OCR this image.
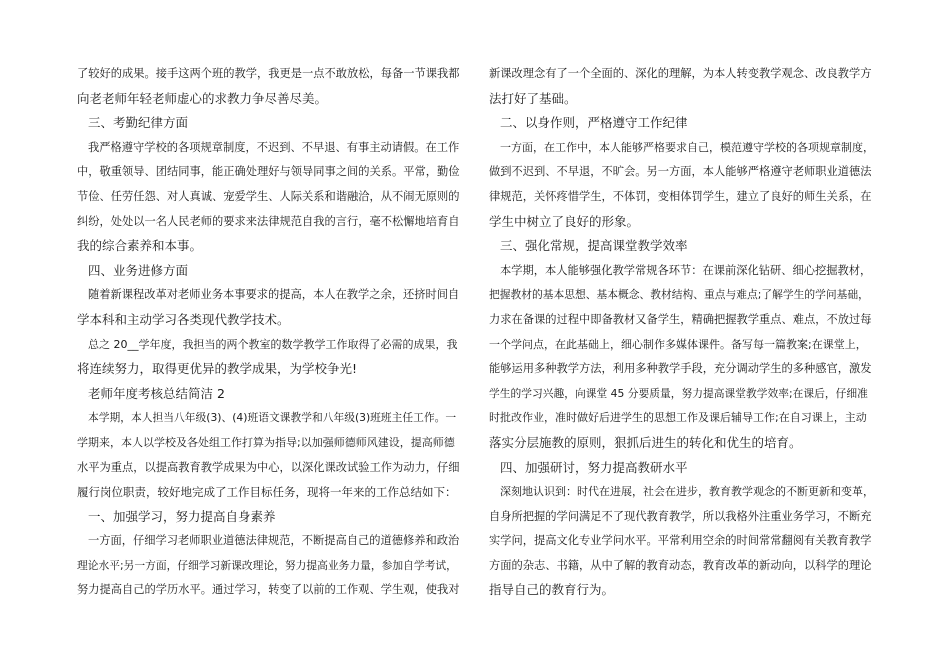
了较好的成果。接手这两个班的教学，我更是一点不敢放松，每备一节课我都
向老老师年轻老师虚心的求教力争尽善尽美。
三、考勤纪律方面
我严格遵守学校的各项规章制度，不迟到、不早退、有事主动请假。在工作
中，敬重领导、团结同事，能正确处理好与领导同事之间的关系。平常，勤俭
节俭、任劳任怨、对人真诚、宠爱学生、人际关系和谐融洽，从不闹无原则的
纠纷，处处以一名人民老师的要求来法律规范自我的言行，毫不松懈地培育自
我的综合素养和本事。
四、业务进修方面
随着新课程改革对老师业务本事要求的提高，本人在教学之余，还挤时间自
学本科和主动学习各类现代教学技术。
总之 20__学年度，我担当的两个教室的数学教学工作取得了必需的成果，我
将连续努力，取得更优异的教学成果，为学校争光!
老师年度考核总结简洁 2
本学期，本人担当八年级(3)、(4)班语文课教学和八年级(3)班班主任工作。一
学期来，本人以学校及各处组工作打算为指导;以加强师德师风建设，提高师德
水平为重点，以提高教育教学成果为中心，以深化课改试验工作为动力，仔细
履行岗位职责，较好地完成了工作目标任务，现将一年来的工作总结如下：
一、加强学习，努力提高自身素养
一方面，仔细学习老师职业道德法律规范，不断提高自己的道德修养和政治
理论水平;另一方面，仔细学习新课改理论，努力提高业务力量，参加自学考试，
努力提高自己的学历水平。通过学习，转变了以前的工作观、学生观，使我对
新课改理念有了一个全面的、深化的理解，为本人转变教学观念、改良教学方
法打好了基础。
二、以身作则，严格遵守工作纪律
一方面，在工作中，本人能够严格要求自己，模范遵守学校的各项规章制度，
做到不迟到、不早退，不旷会。另一方面，本人能够严格遵守老师职业道德法
律规范，关怀疼惜学生，不体罚，变相体罚学生，建立了良好的师生关系，在
学生中树立了良好的形象。
三、强化常规，提高课堂教学效率
本学期，本人能够强化教学常规各环节：在课前深化钻研、细心挖掘教材，
把握教材的基本思想、基本概念、教材结构、重点与难点;了解学生的学问基础，
力求在备课的过程中即备教材又备学生，精确把握教学重点、难点，不放过每
一个学问点，在此基础上，细心制作多媒体课件。备写每一篇教案;在课堂上，
能够运用多种教学方法，利用多种教学手段，充分调动学生的多种感官，激发
学生的学习兴趣，向课堂 45 分要质量，努力提高课堂教学效率;在课后，仔细准
时批改作业，准时做好后进学生的思想工作及课后辅导工作;在自习课上，主动
落实分层施教的原则，狠抓后进生的转化和优生的培育。
四、加强研讨，努力提高教研水平
深刻地认识到：时代在进展，社会在进步，教育教学观念的不断更新和变革，
自身所把握的学问满足不了现代教育教学，所以我格外注重业务学习，不断充
实学问，提高文化专业学问水平。平常利用空余的时间常常翻阅有关教育教学
方面的杂志、书籍，从中了解的教育动态，教育改革的新动向，以科学的理论
指导自己的教育行为。
